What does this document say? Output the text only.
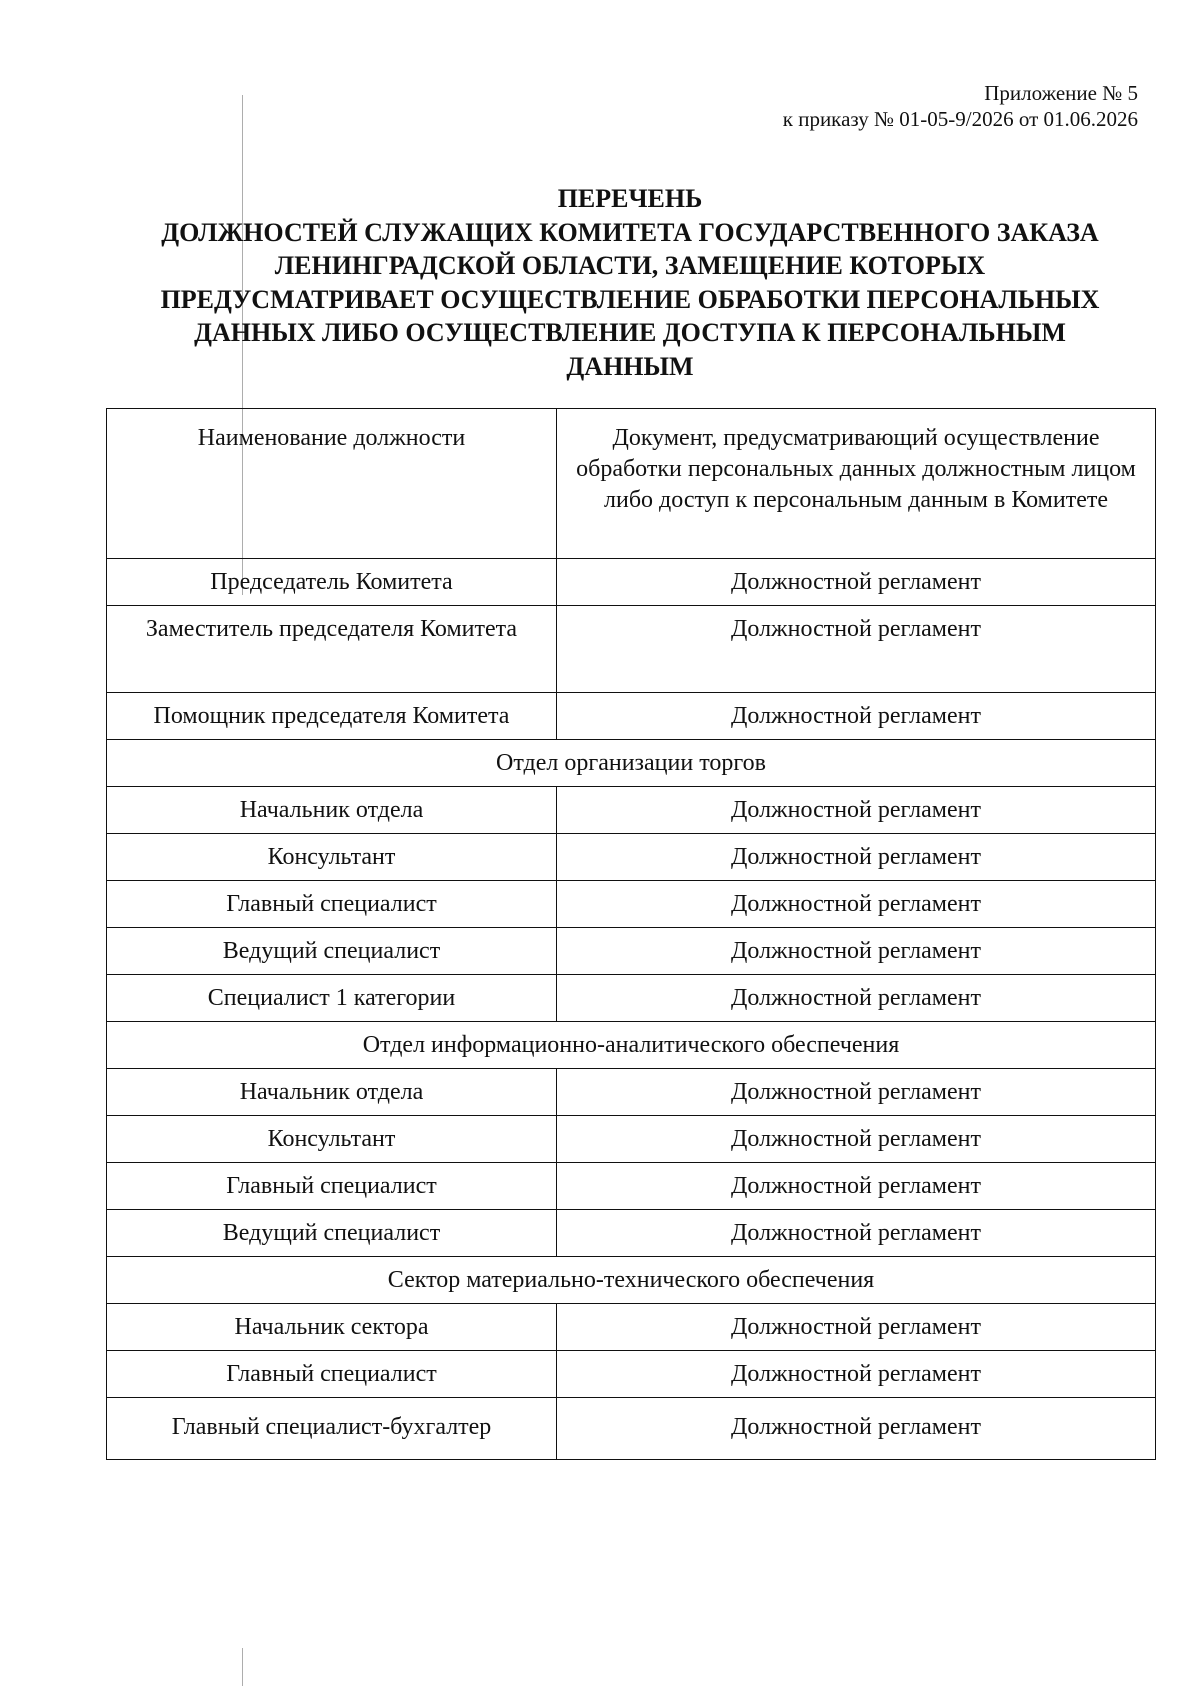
Приложение № 5
к приказу № 01-05-9/2026 от 01.06.2026
ПЕРЕЧЕНЬ
ДОЛЖНОСТЕЙ СЛУЖАЩИХ КОМИТЕТА ГОСУДАРСТВЕННОГО ЗАКАЗА
ЛЕНИНГРАДСКОЙ ОБЛАСТИ, ЗАМЕЩЕНИЕ КОТОРЫХ
ПРЕДУСМАТРИВАЕТ ОСУЩЕСТВЛЕНИЕ ОБРАБОТКИ ПЕРСОНАЛЬНЫХ
ДАННЫХ ЛИБО ОСУЩЕСТВЛЕНИЕ ДОСТУПА К ПЕРСОНАЛЬНЫМ
ДАННЫМ
Наименование должности	Документ, предусматривающий осуществление обработки персональных данных должностным лицом либо доступ к персональным данным в Комитете
Председатель Комитета	Должностной регламент
Заместитель председателя Комитета	Должностной регламент
Помощник председателя Комитета	Должностной регламент
Отдел организации торгов	
Начальник отдела	Должностной регламент
Консультант	Должностной регламент
Главный специалист	Должностной регламент
Ведущий специалист	Должностной регламент
Специалист 1 категории	Должностной регламент
Отдел информационно-аналитического обеспечения	
Начальник отдела	Должностной регламент
Консультант	Должностной регламент
Главный специалист	Должностной регламент
Ведущий специалист	Должностной регламент
Сектор материально-технического обеспечения	
Начальник сектора	Должностной регламент
Главный специалист	Должностной регламент
Главный специалист-бухгалтер	Должностной регламент
